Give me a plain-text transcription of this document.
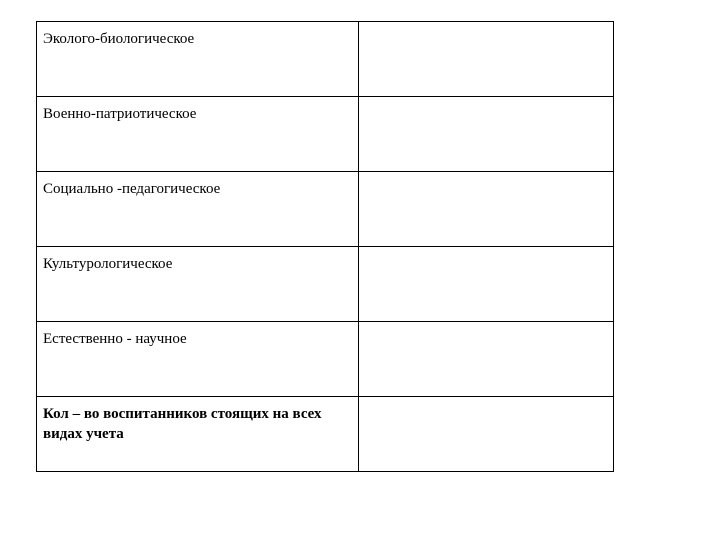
Эколого-биологическое	

Военно-патриотическое	

Социально -педагогическое	

Культурологическое	

Естественно - научное	

Кол – во воспитанников стоящих на всех видах учета	
